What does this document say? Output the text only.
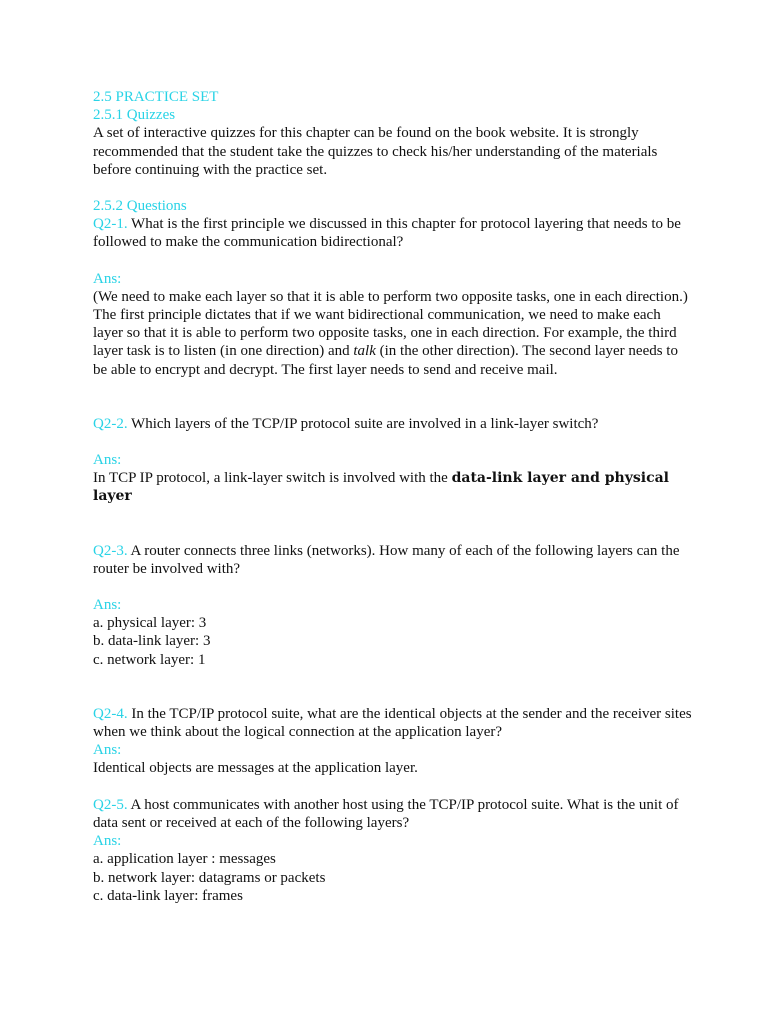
2.5 PRACTICE SET

2.5.1 Quizzes

A set of interactive quizzes for this chapter can be found on the book website. It is strongly recommended that the student take the quizzes to check his/her understanding of the materials before continuing with the practice set.

2.5.2 Questions

Q2-1. What is the first principle we discussed in this chapter for protocol layering that needs to be followed to make the communication bidirectional?

Ans:

(We need to make each layer so that it is able to perform two opposite tasks, one in each direction.) The first principle dictates that if we want bidirectional communication, we need to make each layer so that it is able to perform two opposite tasks, one in each direction. For example, the third layer task is to listen (in one direction) and talk (in the other direction). The second layer needs to be able to encrypt and decrypt. The first layer needs to send and receive mail.

Q2-2. Which layers of the TCP/IP protocol suite are involved in a link-layer switch?

Ans:

In TCP IP protocol, a link-layer switch is involved with the data-link layer and physical layer

Q2-3. A router connects three links (networks). How many of each of the following layers can the router be involved with?

Ans:

a. physical layer: 3

b. data-link layer: 3

c. network layer: 1

Q2-4. In the TCP/IP protocol suite, what are the identical objects at the sender and the receiver sites when we think about the logical connection at the application layer?

Ans:

Identical objects are messages at the application layer.

Q2-5. A host communicates with another host using the TCP/IP protocol suite. What is the unit of data sent or received at each of the following layers?

Ans:

a. application layer : messages

b. network layer: datagrams or packets

c. data-link layer: frames
